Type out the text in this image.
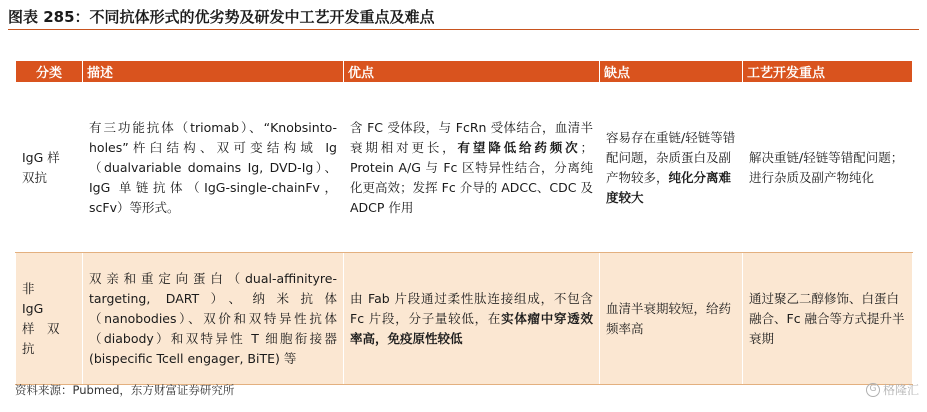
图表 285：不同抗体形式的优劣势及研发中工艺开发重点及难点
分类	描述	优点	缺点	工艺开发重点
IgG 样
双抗	有三功能抗体（triomab）、“Knobsinto-holes”杵臼结构、双可变结构域 Ig（dualvariable domains Ig, DVD-Ig）、IgG 单链抗体（IgG-single-chainFv，scFv）等形式。	含 FC 受体段，与 FcRn 受体结合，血清半衰期相对更长，有望降低给药频次；Protein A/G 与 Fc 区特异性结合，分离纯化更高效；发挥 Fc 介导的 ADCC、CDC 及 ADCP 作用	容易存在重链/轻链等错配问题，杂质蛋白及副产物较多，纯化分离难度较大	解决重链/轻链等错配问题；进行杂质及副产物纯化
非
IgG
样　双
抗	双亲和重定向蛋白（dual-affinityre-targeting, DART）、纳米抗体（nanobodies）、双价和双特异性抗体（diabody）和双特异性 T 细胞衔接器(bispecific Tcell engager, BiTE) 等	由 Fab 片段通过柔性肽连接组成，不包含 Fc 片段，分子量较低，在实体瘤中穿透效率高，免疫原性较低	血清半衰期较短，给药频率高	通过聚乙二醇修饰、白蛋白融合、Fc 融合等方式提升半衰期
资料来源：Pubmed，东方财富证券研究所	G 格隆汇
